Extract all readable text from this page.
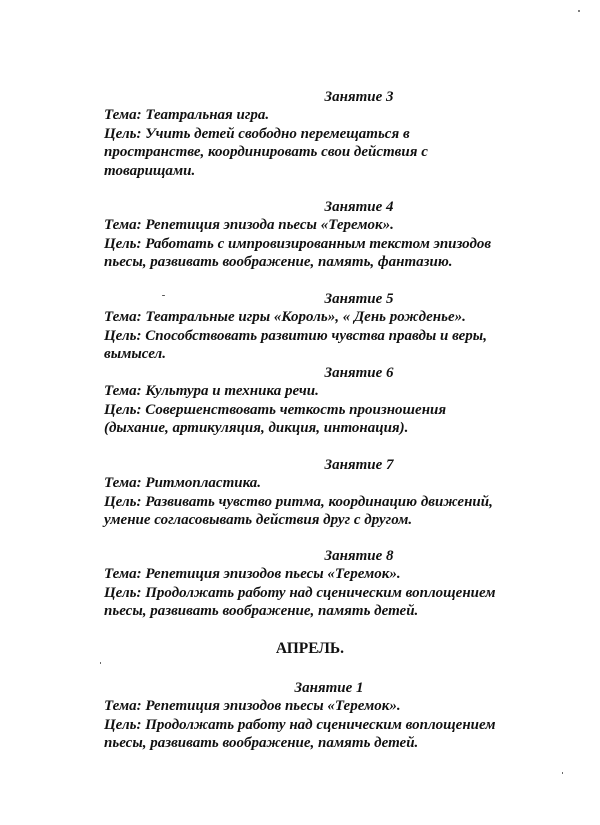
Занятие 3
Тема: Театральная игра.
Цель: Учить детей свободно перемещаться в
пространстве, координировать свои действия с
товарищами.
Занятие 4
Тема: Репетиция эпизода пьесы «Теремок».
Цель: Работать с импровизированным текстом эпизодов
пьесы, развивать воображение, память, фантазию.
Занятие 5
Тема: Театральные игры «Король», « День рожденье».
Цель: Способствовать развитию чувства правды и веры,
вымысел.
Занятие 6
Тема: Культура и техника речи.
Цель: Совершенствовать четкость произношения
(дыхание, артикуляция, дикция, интонация).
Занятие 7
Тема: Ритмопластика.
Цель: Развивать чувство ритма, координацию движений,
умение согласовывать действия друг с другом.
Занятие 8
Тема: Репетиция эпизодов пьесы «Теремок».
Цель: Продолжать работу над сценическим воплощением
пьесы, развивать воображение, память детей.
АПРЕЛЬ.
Занятие 1
Тема: Репетиция эпизодов пьесы «Теремок».
Цель: Продолжать работу над сценическим воплощением
пьесы, развивать воображение, память детей.
